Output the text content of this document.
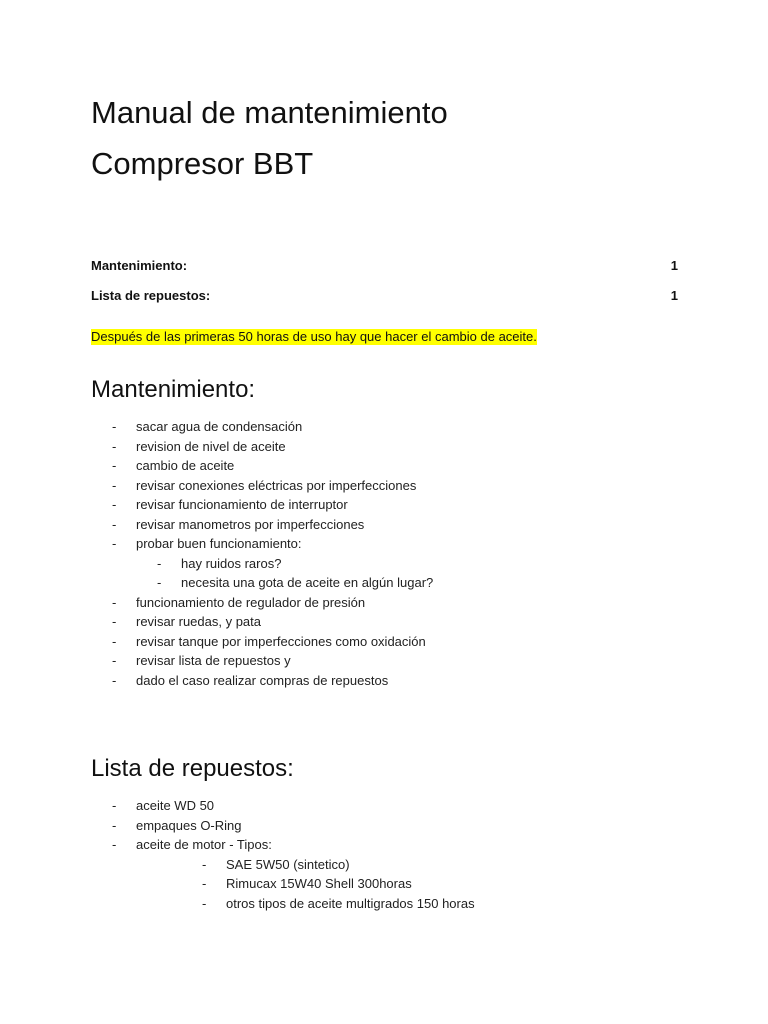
Manual de mantenimiento
Compresor BBT
Mantenimiento:	1
Lista de repuestos:	1
Después de las primeras 50 horas de uso hay que hacer el cambio de aceite.
Mantenimiento:
- sacar agua de condensación
- revision de nivel de aceite
- cambio de aceite
- revisar conexiones eléctricas por imperfecciones
- revisar funcionamiento de interruptor
- revisar manometros por imperfecciones
- probar buen funcionamiento:
- hay ruidos raros?
- necesita una gota de aceite en algún lugar?
- funcionamiento de regulador de presión
- revisar ruedas, y pata
- revisar tanque por imperfecciones como oxidación
- revisar lista de repuestos y
- dado el caso realizar compras de repuestos
Lista de repuestos:
- aceite WD 50
- empaques O-Ring
- aceite de motor - Tipos:
- SAE 5W50 (sintetico)
- Rimucax 15W40 Shell 300horas
- otros tipos de aceite multigrados 150 horas
